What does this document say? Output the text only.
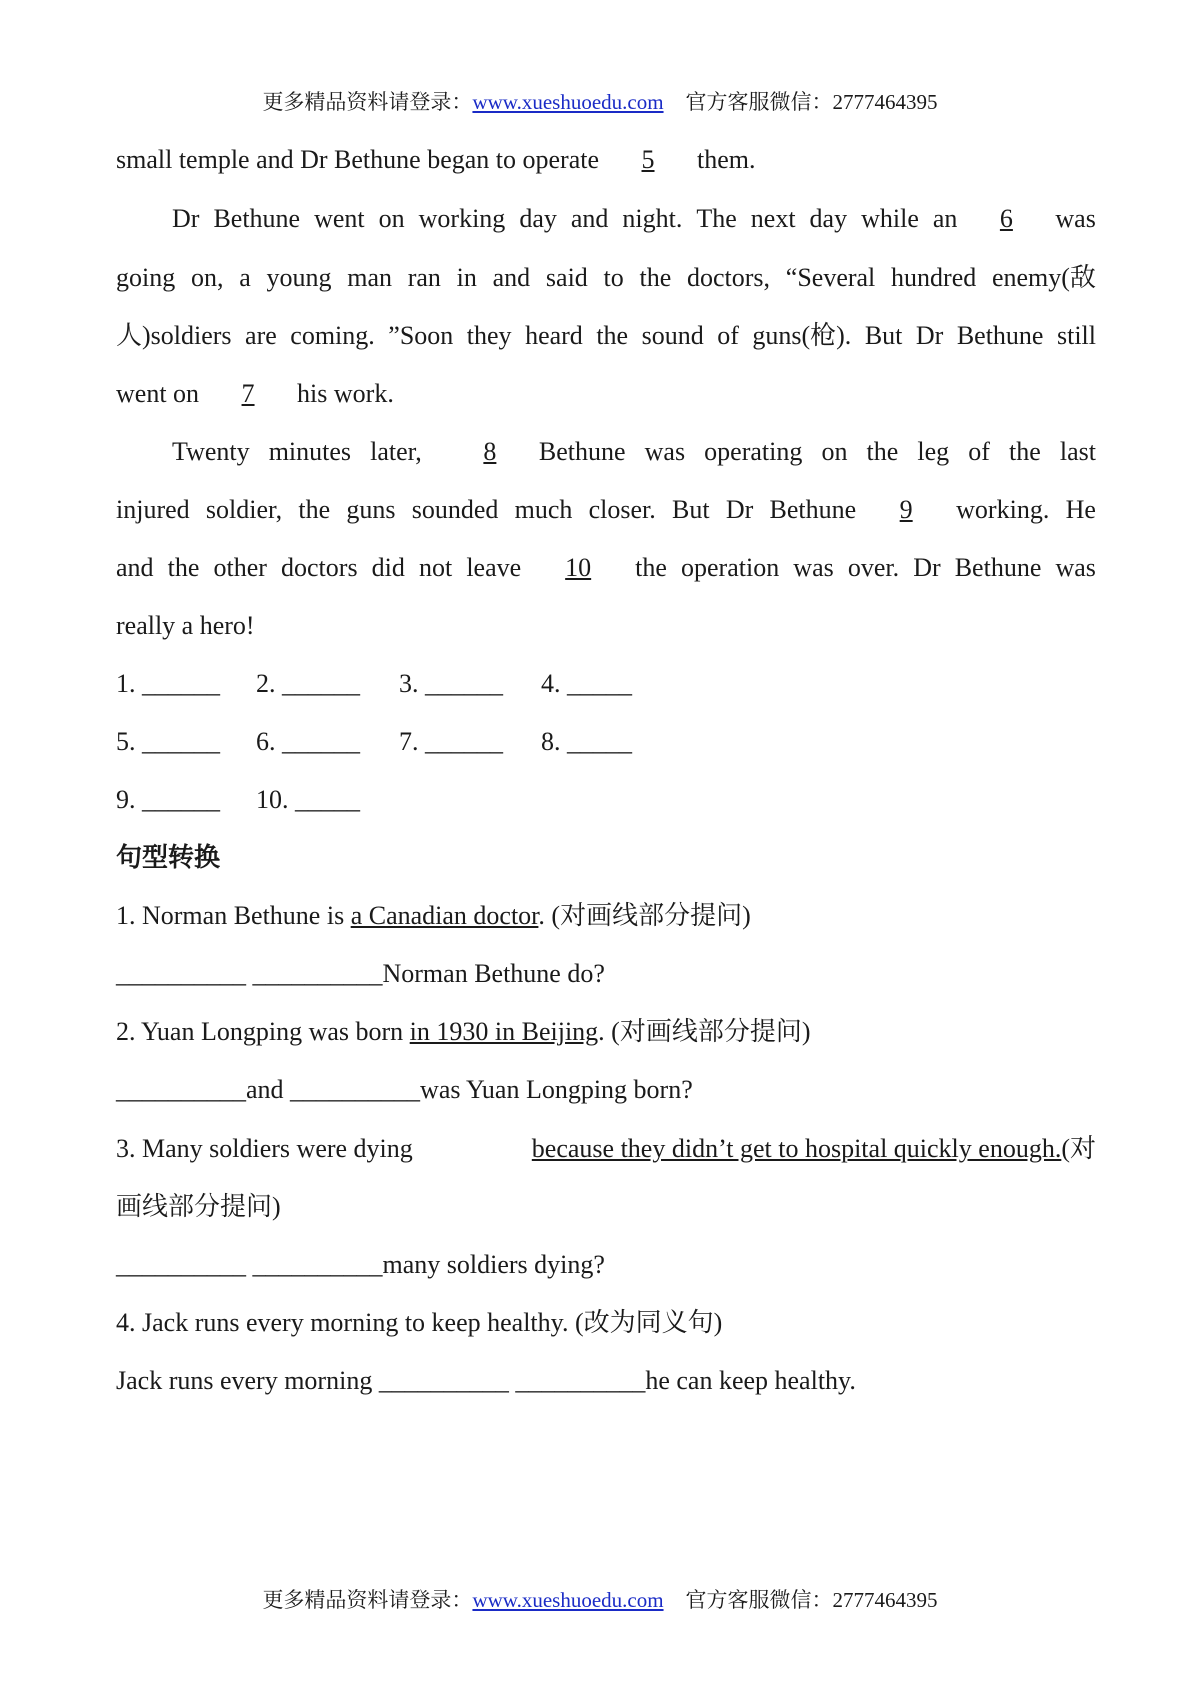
更多精品资料请登录：www.xueshuoedu.com 官方客服微信：2777464395
small temple and Dr Bethune began to operate 5 them.
Dr Bethune went on working day and night. The next day while an 6 was
going on, a young man ran in and said to the doctors, “Several hundred enemy(敌
人)soldiers are coming. ”Soon they heard the sound of guns(枪). But Dr Bethune still
went on 7 his work.
Twenty minutes later,	8 Bethune was operating on the leg of the last
injured soldier, the guns sounded much closer. But Dr Bethune 9 working. He
and the other doctors did not leave 10 the operation was over. Dr Bethune was
really a hero!
1. ______ 2. ______ 3. ______ 4. _____
5. ______ 6. ______ 7. ______ 8. _____
9. ______ 10. _____
句型转换
1. Norman Bethune is a Canadian doctor. (对画线部分提问)
__________ __________Norman Bethune do?
2. Yuan Longping was born in 1930 in Beijing. (对画线部分提问)
__________and __________was Yuan Longping born?
3. Many soldiers were dying	because they didn’t get to hospital quickly enough. (对
画线部分提问)
__________ __________many soldiers dying?
4. Jack runs every morning to keep healthy. (改为同义句)
Jack runs every morning __________ __________he can keep healthy.
更多精品资料请登录：www.xueshuoedu.com 官方客服微信：2777464395
